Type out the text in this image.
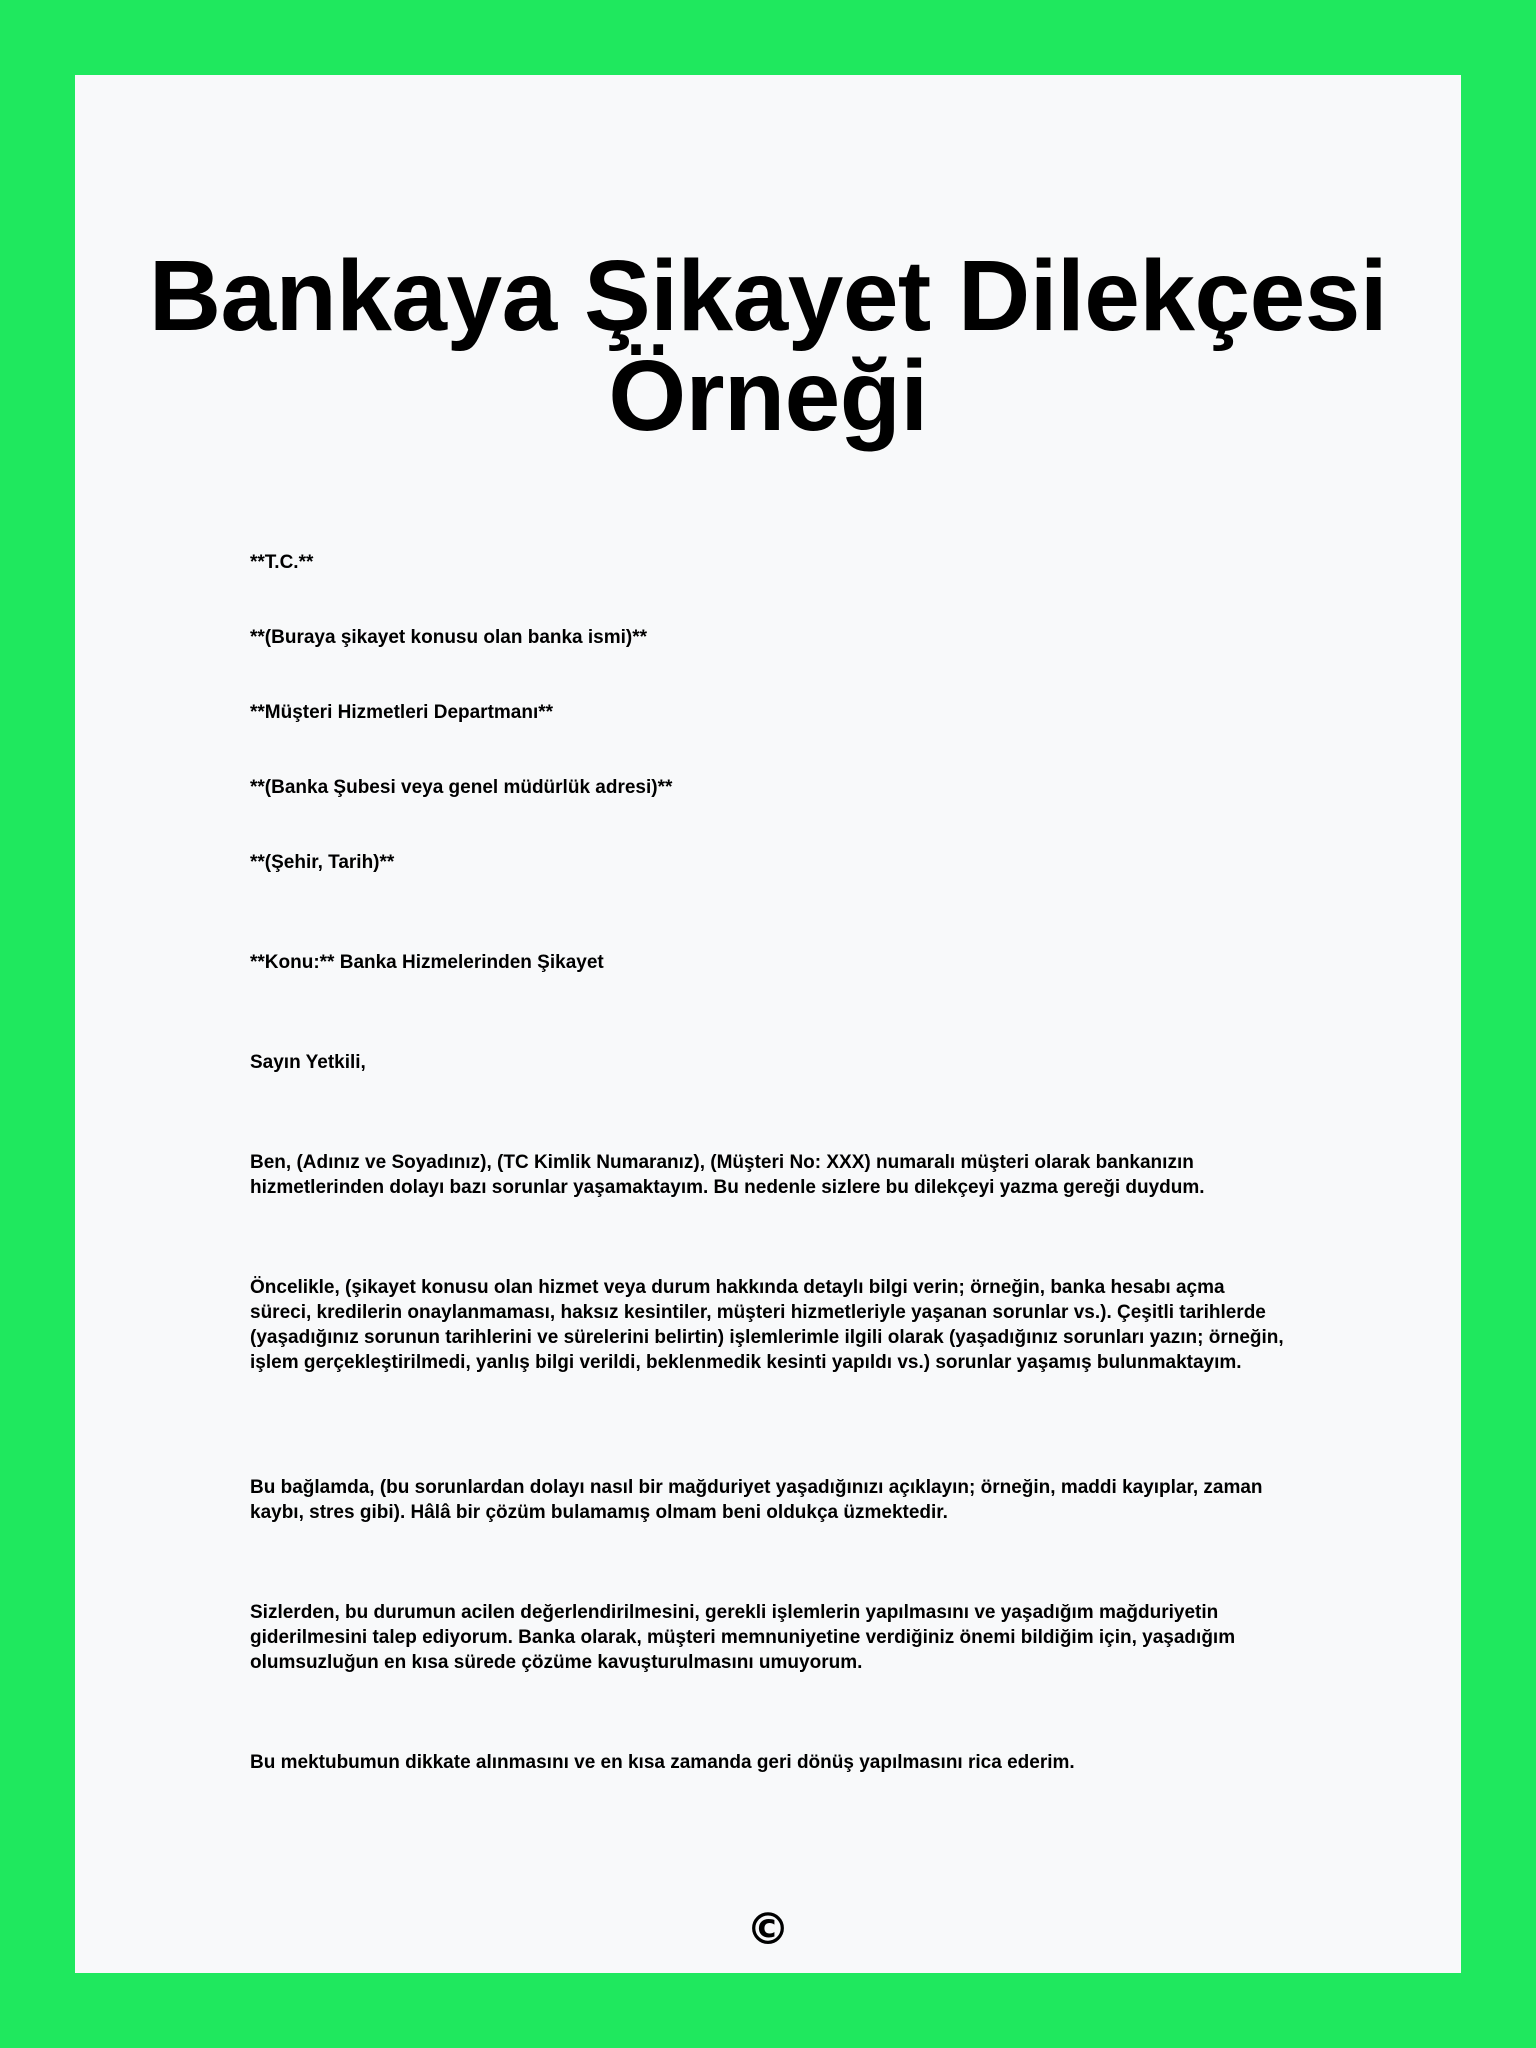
Bankaya Şikayet Dilekçesi Örneği

**T.C.**

**(Buraya şikayet konusu olan banka ismi)**

**Müşteri Hizmetleri Departmanı**

**(Banka Şubesi veya genel müdürlük adresi)**

**(Şehir, Tarih)**

**Konu:** Banka Hizmelerinden Şikayet

Sayın Yetkili,

Ben, (Adınız ve Soyadınız), (TC Kimlik Numaranız), (Müşteri No: XXX) numaralı müşteri olarak bankanızın hizmetlerinden dolayı bazı sorunlar yaşamaktayım. Bu nedenle sizlere bu dilekçeyi yazma gereği duydum.

Öncelikle, (şikayet konusu olan hizmet veya durum hakkında detaylı bilgi verin; örneğin, banka hesabı açma süreci, kredilerin onaylanmaması, haksız kesintiler, müşteri hizmetleriyle yaşanan sorunlar vs.). Çeşitli tarihlerde (yaşadığınız sorunun tarihlerini ve sürelerini belirtin) işlemlerimle ilgili olarak (yaşadığınız sorunları yazın; örneğin, işlem gerçekleştirilmedi, yanlış bilgi verildi, beklenmedik kesinti yapıldı vs.) sorunlar yaşamış bulunmaktayım.

Bu bağlamda, (bu sorunlardan dolayı nasıl bir mağduriyet yaşadığınızı açıklayın; örneğin, maddi kayıplar, zaman kaybı, stres gibi). Hâlâ bir çözüm bulamamış olmam beni oldukça üzmektedir.

Sizlerden, bu durumun acilen değerlendirilmesini, gerekli işlemlerin yapılmasını ve yaşadığım mağduriyetin giderilmesini talep ediyorum. Banka olarak, müşteri memnuniyetine verdiğiniz önemi bildiğim için, yaşadığım olumsuzluğun en kısa sürede çözüme kavuşturulmasını umuyorum.

Bu mektubumun dikkate alınmasını ve en kısa zamanda geri dönüş yapılmasını rica ederim.

©
